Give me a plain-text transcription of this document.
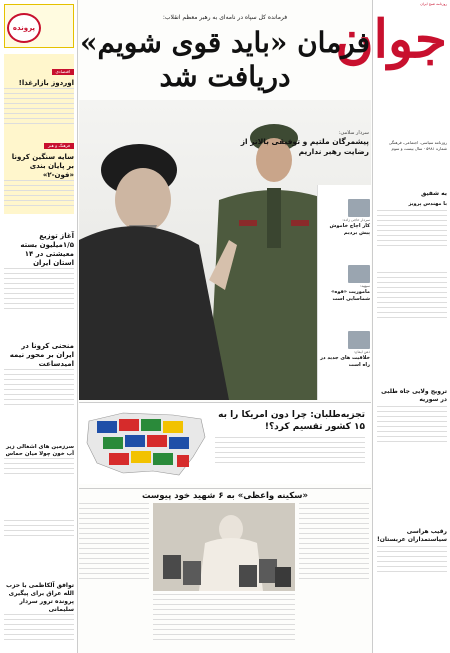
روزنامه صبح ایران
جوان
روزنامه سیاسی، اجتماعی، فرهنگی
شماره ۵۹۸۱ · سال بیست و سوم
به شفیق
با مهندس پرویز
ترویج ولایی جاه طلبی در سوریه
رقیب هراسی سیاستمداران عربستان!
پرونده
اقتصادی
اوردوز بازارغذا!
فرهنگ و هنر
سایه سنگین کرونا بر پایان بندی «فون-۲»
آغاز توزیع ۱/۵میلیون بسته معیشتی در ۱۴ استان ایران
منحنی کرونا در ایران بر محور نیمه امیدساعت
سرزمین های اشغالی زیر آب خون چولا میان حماس
توافق آلکاظمی با حزب الله عراق برای پیگیری پرونده ترور سردار سلیمانی
فرمانده کل سپاه در نامه‌ای به رهبر معظم انقلاب:
فرمان «باید قوی شویم» دریافت شد
سردار سلامی:
پیشمرگان ملتیم و توفیقی بالاتر از رضایت رهبر نداریم
سردار حاجی زاده:
کار اچاچ خاموش پیش بردیم
سپهبد:
ماموریت «قوه» شماسایی است
ذهن ایمان:
خلاقیت های جدید در راه است
تجزیه‌طلبان: چرا دون امریکا را به ۱۵ کشور تقسیم کرد؟!
«سکینه واعظی» به ۶ شهید خود پیوست
